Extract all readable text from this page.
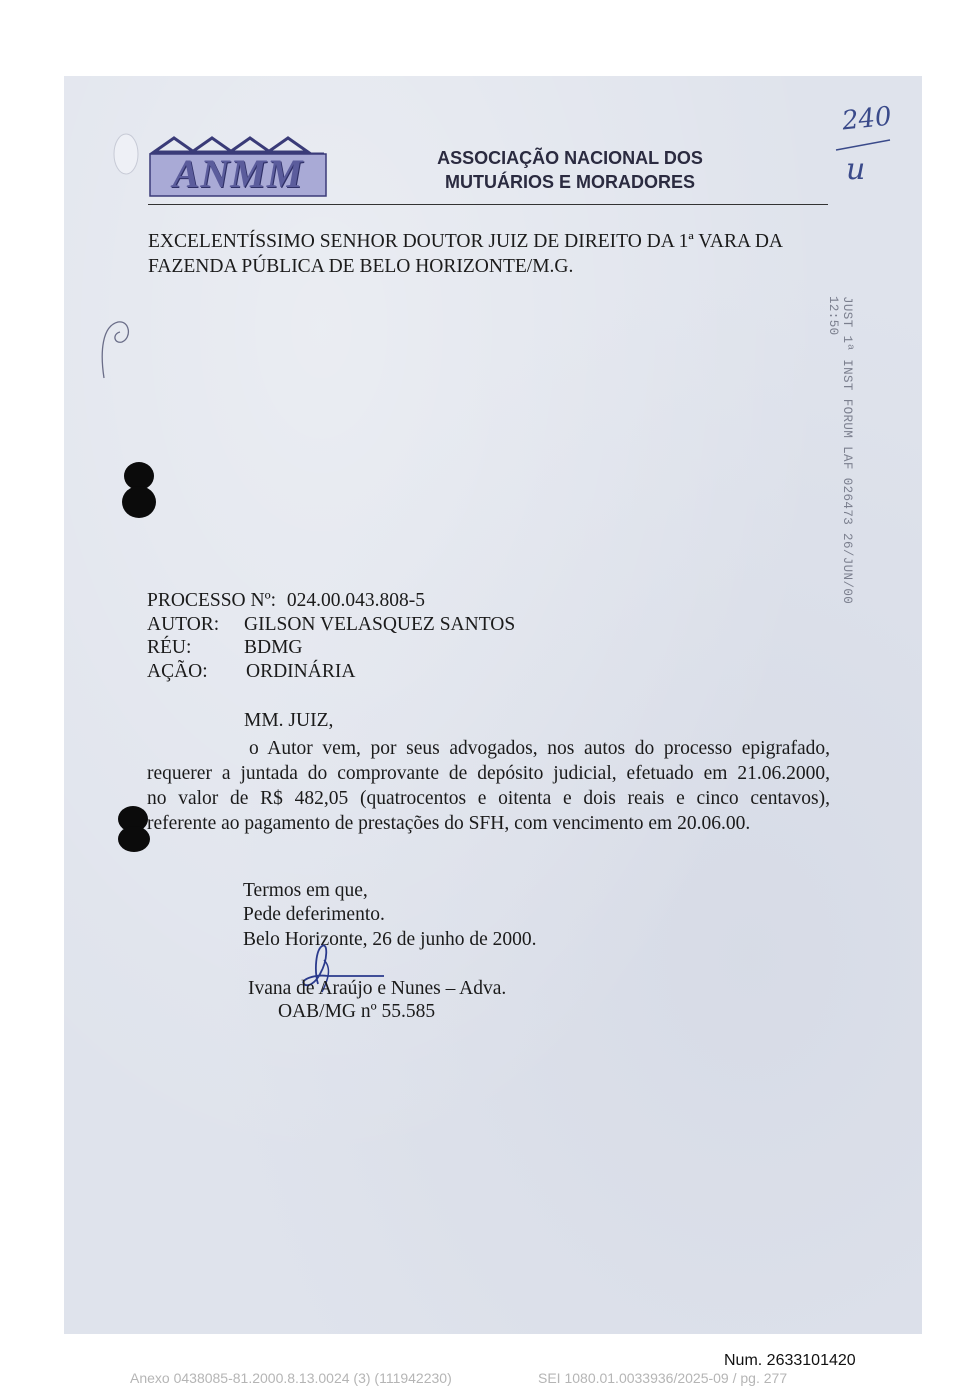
ANMM	ASSOCIAÇÃO NACIONAL DOS
MUTUÁRIOS E MORADORES
240
u
EXCELENTÍSSIMO SENHOR DOUTOR JUIZ DE DIREITO DA 1ª VARA DA
FAZENDA PÚBLICA DE BELO HORIZONTE/M.G.
JUST 1ª INST FORUM LAF 026473 26/JUN/00 12:50
PROCESSO Nº: 024.00.043.808-5
AUTOR: GILSON VELASQUEZ SANTOS
RÉU:	BDMG
AÇÃO: ORDINÁRIA
MM. JUIZ,
o Autor vem, por seus advogados, nos autos do processo epigrafado,
requerer a juntada do comprovante de depósito judicial, efetuado em 21.06.2000,
no valor de R$ 482,05 (quatrocentos e oitenta e dois reais e cinco centavos),
referente ao pagamento de prestações do SFH, com vencimento em 20.06.00.
Termos em que,
Pede deferimento.
Belo Horizonte, 26 de junho de 2000.
Ivana de Araújo e Nunes – Adva.
OAB/MG nº 55.585
Num. 2633101420
Anexo 0438085-81.2000.8.13.0024 (3) (111942230)	SEI 1080.01.0033936/2025-09 / pg. 277
